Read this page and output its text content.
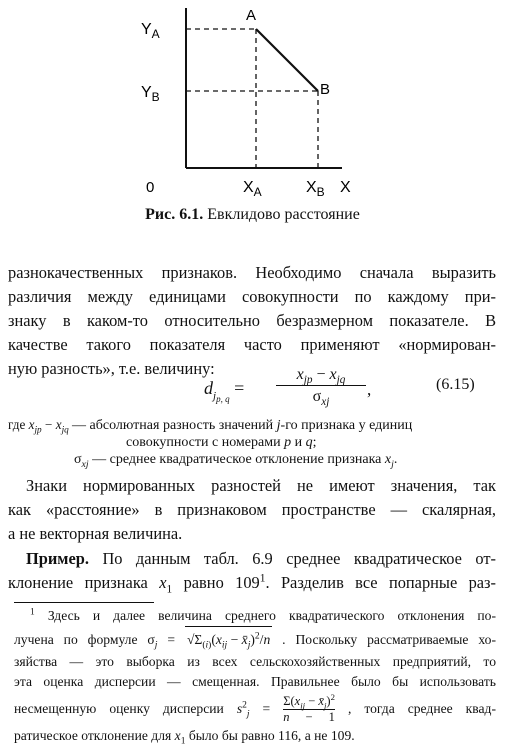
A
B
$Y_A$
$Y_B$
0	$X_A$	$X_B$ X
Рис. 6.1. Евклидово расстояние
разнокачественных признаков. Необходимо сначала выразить
различия между единицами совокупности по каждому при-
знаку в каком-то относительно безразмерном показателе. В
качестве такого показателя часто применяют «нормирован-
ную разность», т.е. величину:
$d_{j_{p, q}}$ =
$x_{jp} - x_{jq}$
$\sigma_{xj}$
,	(6.15)
где $x_{jp} - x_{jq}$ — абсолютная разность значений j-го признака у единиц
совокупности с номерами p и q;
$\sigma_{xj}$ — среднее квадратическое отклонение признака $x_j$.
Знаки нормированных разностей не имеют значения, так
как «расстояние» в признаковом пространстве — скалярная,
а не векторная величина.
Пример. По данным табл. 6.9 среднее квадратическое от-
клонение признака $x_1$ равно $109^1$. Разделив все попарные раз-
$^1$ Здесь и далее величина среднего квадратического отклонения по-
лучена по формуле $\sigma_j = √\Sigma_{(i)}(x_{ij}$ − $x̄_j)^2/n$ . Поскольку рассматриваемые хо-
зяйства — это выборка из всех сельскохозяйственных предприятий, то
эта оценка дисперсии — смещенная. Правильнее было бы использовать
несмещенную оценку дисперсии $s^2_j = \Sigma(x_{ij}$ − $x̄_j)^2$
n − 1
, тогда среднее квад-
ратическое отклонение для $x_1$ было бы равно 116, а не 109.
